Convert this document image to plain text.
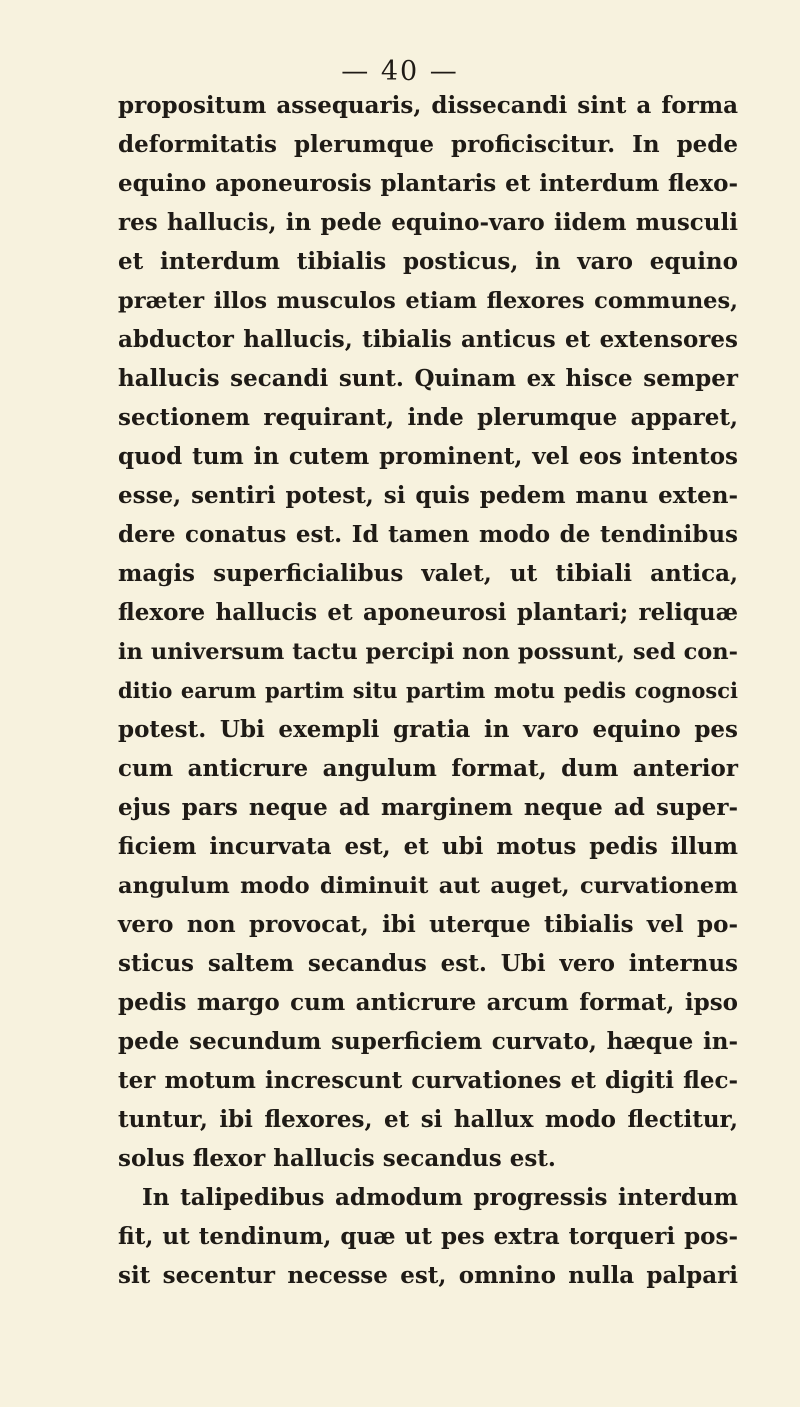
— 40 —
propositum assequaris, dissecandi sint a forma
deformitatis plerumque proficiscitur. In pede
equino aponeurosis plantaris et interdum flexo-
res hallucis, in pede equino-varo iidem musculi
et interdum tibialis posticus, in varo equino
præter illos musculos etiam flexores communes,
abductor hallucis, tibialis anticus et extensores
hallucis secandi sunt. Quinam ex hisce semper
sectionem requirant, inde plerumque apparet,
quod tum in cutem prominent, vel eos intentos
esse, sentiri potest, si quis pedem manu exten-
dere conatus est. Id tamen modo de tendinibus
magis superficialibus valet, ut tibiali antica,
flexore hallucis et aponeurosi plantari; reliquæ
in universum tactu percipi non possunt, sed con-
ditio earum partim situ partim motu pedis cognosci
potest. Ubi exempli gratia in varo equino pes
cum anticrure angulum format, dum anterior
ejus pars neque ad marginem neque ad super-
ficiem incurvata est, et ubi motus pedis illum
angulum modo diminuit aut auget, curvationem
vero non provocat, ibi uterque tibialis vel po-
sticus saltem secandus est. Ubi vero internus
pedis margo cum anticrure arcum format, ipso
pede secundum superficiem curvato, hæque in-
ter motum increscunt curvationes et digiti flec-
tuntur, ibi flexores, et si hallux modo flectitur,
solus flexor hallucis secandus est.
In talipedibus admodum progressis interdum
fit, ut tendinum, quæ ut pes extra torqueri pos-
sit secentur necesse est, omnino nulla palpari
